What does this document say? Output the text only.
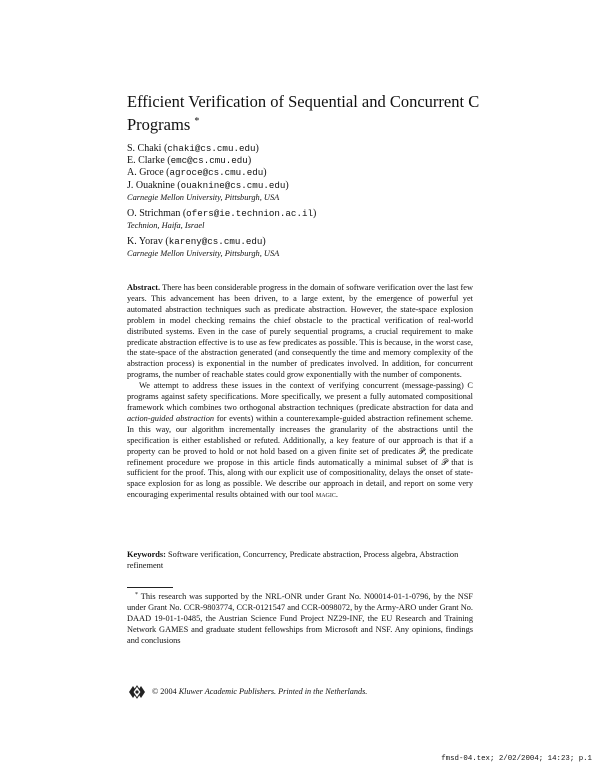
Efficient Verification of Sequential and Concurrent C Programs *
S. Chaki (chaki@cs.cmu.edu)
E. Clarke (emc@cs.cmu.edu)
A. Groce (agroce@cs.cmu.edu)
J. Ouaknine (ouaknine@cs.cmu.edu)
Carnegie Mellon University, Pittsburgh, USA
O. Strichman (ofers@ie.technion.ac.il)
Technion, Haifa, Israel
K. Yorav (kareny@cs.cmu.edu)
Carnegie Mellon University, Pittsburgh, USA

Abstract. There has been considerable progress in the domain of software verification over the last few years. This advancement has been driven, to a large extent, by the emergence of powerful yet automated abstraction techniques such as predicate abstraction. However, the state-space explosion problem in model checking remains the chief obstacle to the practical verification of real-world distributed systems. Even in the case of purely sequential programs, a crucial requirement to make predicate abstraction effective is to use as few predicates as possible. This is because, in the worst case, the state-space of the abstraction generated (and consequently the time and memory complexity of the abstraction process) is exponential in the number of predicates involved. In addition, for concurrent programs, the number of reachable states could grow exponentially with the number of components.

We attempt to address these issues in the context of verifying concurrent (message-passing) C programs against safety specifications. More specifically, we present a fully automated compositional framework which combines two orthogonal abstraction techniques (predicate abstraction for data and action-guided abstraction for events) within a counterexample-guided abstraction refinement scheme. In this way, our algorithm incrementally increases the granularity of the abstractions until the specification is either established or refuted. Additionally, a key feature of our approach is that if a property can be proved to hold or not hold based on a given finite set of predicates 𝒫, the predicate refinement procedure we propose in this article finds automatically a minimal subset of 𝒫 that is sufficient for the proof. This, along with our explicit use of compositionality, delays the onset of state-space explosion for as long as possible. We describe our approach in detail, and report on some very encouraging experimental results obtained with our tool magic.

Keywords: Software verification, Concurrency, Predicate abstraction, Process algebra, Abstraction refinement
* This research was supported by the NRL-ONR under Grant No. N00014-01-1-0796, by the NSF under Grant No. CCR-9803774, CCR-0121547 and CCR-0098072, by the Army-ARO under Grant No. DAAD 19-01-1-0485, the Austrian Science Fund Project NZ29-INF, the EU Research and Training Network GAMES and graduate student fellowships from Microsoft and NSF. Any opinions, findings and conclusions
© 2004 Kluwer Academic Publishers. Printed in the Netherlands.
fmsd-04.tex; 2/02/2004; 14:23; p.1
